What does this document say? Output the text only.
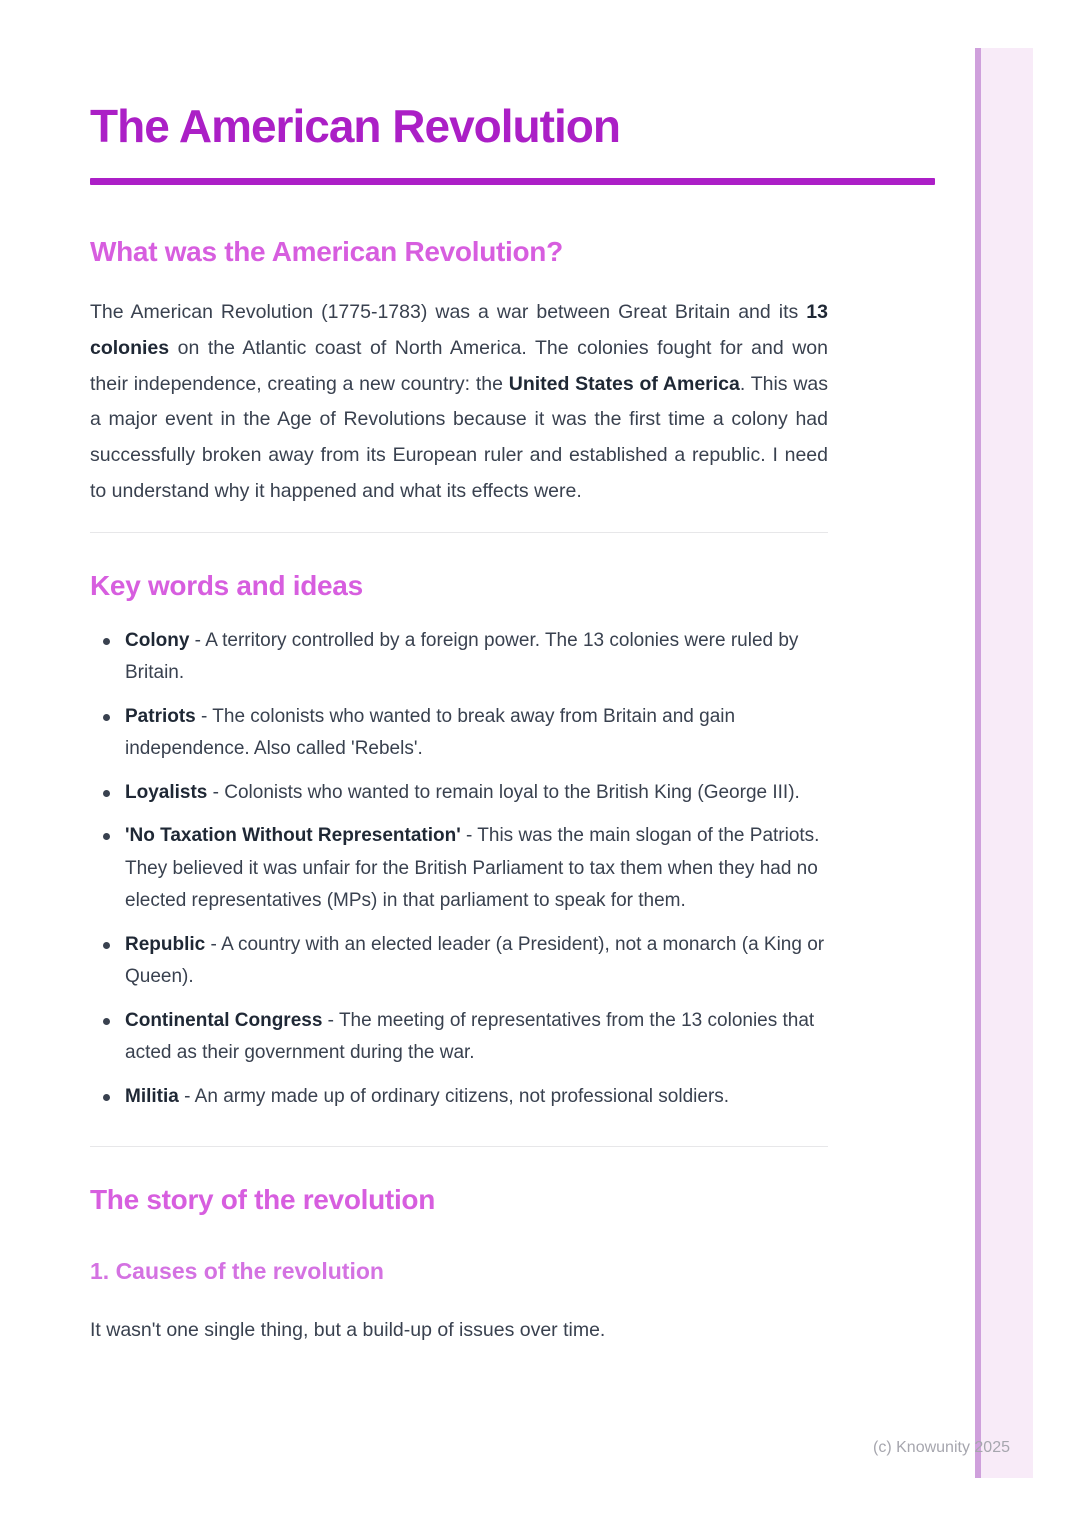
The American Revolution
What was the American Revolution?

The American Revolution (1775-1783) was a war between Great Britain and its 13 colonies on the Atlantic coast of North America. The colonies fought for and won their independence, creating a new country: the United States of America. This was a major event in the Age of Revolutions because it was the first time a colony had successfully broken away from its European ruler and established a republic. I need to understand why it happened and what its effects were.

Key words and ideas
Colony - A territory controlled by a foreign power. The 13 colonies were ruled by Britain.
Patriots - The colonists who wanted to break away from Britain and gain independence. Also called 'Rebels'.
Loyalists - Colonists who wanted to remain loyal to the British King (George III).
'No Taxation Without Representation' - This was the main slogan of the Patriots. They believed it was unfair for the British Parliament to tax them when they had no elected representatives (MPs) in that parliament to speak for them.
Republic - A country with an elected leader (a President), not a monarch (a King or Queen).
Continental Congress - The meeting of representatives from the 13 colonies that acted as their government during the war.
Militia - An army made up of ordinary citizens, not professional soldiers.
The story of the revolution
1. Causes of the revolution

It wasn't one single thing, but a build-up of issues over time.

(c) Knowunity 2025
